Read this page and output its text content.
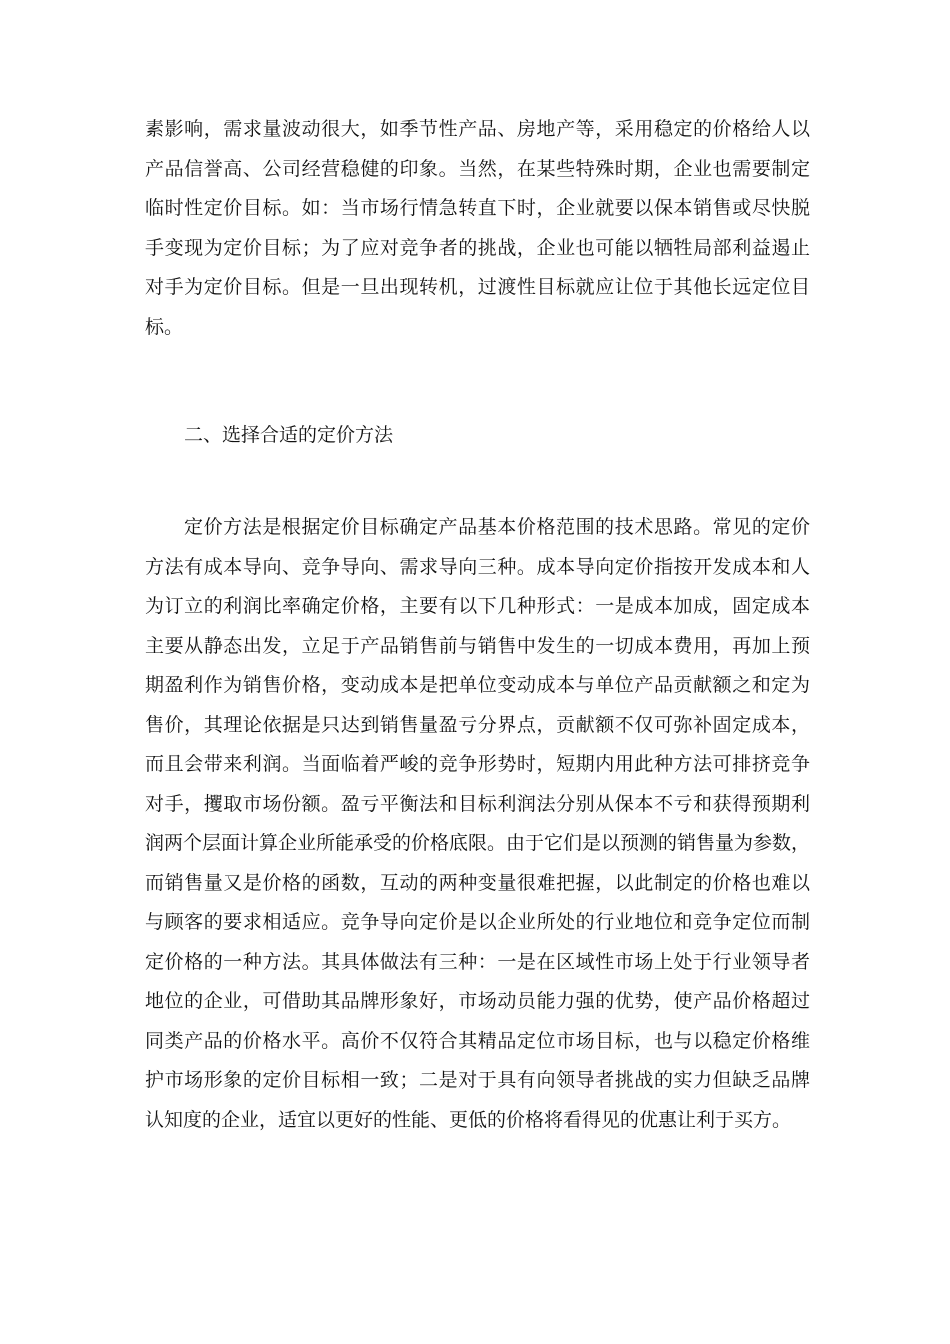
素影响，需求量波动很大，如季节性产品、房地产等，采用稳定的价格给人以
产品信誉高、公司经营稳健的印象。当然，在某些特殊时期，企业也需要制定
临时性定价目标。如：当市场行情急转直下时，企业就要以保本销售或尽快脱
手变现为定价目标；为了应对竞争者的挑战，企业也可能以牺牲局部利益遏止
对手为定价目标。但是一旦出现转机，过渡性目标就应让位于其他长远定位目
标。
二、选择合适的定价方法
定价方法是根据定价目标确定产品基本价格范围的技术思路。常见的定价
方法有成本导向、竞争导向、需求导向三种。成本导向定价指按开发成本和人
为订立的利润比率确定价格，主要有以下几种形式：一是成本加成，固定成本
主要从静态出发，立足于产品销售前与销售中发生的一切成本费用，再加上预
期盈利作为销售价格，变动成本是把单位变动成本与单位产品贡献额之和定为
售价，其理论依据是只达到销售量盈亏分界点，贡献额不仅可弥补固定成本，
而且会带来利润。当面临着严峻的竞争形势时，短期内用此种方法可排挤竞争
对手，攫取市场份额。盈亏平衡法和目标利润法分别从保本不亏和获得预期利
润两个层面计算企业所能承受的价格底限。由于它们是以预测的销售量为参数，
而销售量又是价格的函数，互动的两种变量很难把握，以此制定的价格也难以
与顾客的要求相适应。竞争导向定价是以企业所处的行业地位和竞争定位而制
定价格的一种方法。其具体做法有三种：一是在区域性市场上处于行业领导者
地位的企业，可借助其品牌形象好，市场动员能力强的优势，使产品价格超过
同类产品的价格水平。高价不仅符合其精品定位市场目标，也与以稳定价格维
护市场形象的定价目标相一致；二是对于具有向领导者挑战的实力但缺乏品牌
认知度的企业，适宜以更好的性能、更低的价格将看得见的优惠让利于买方。
